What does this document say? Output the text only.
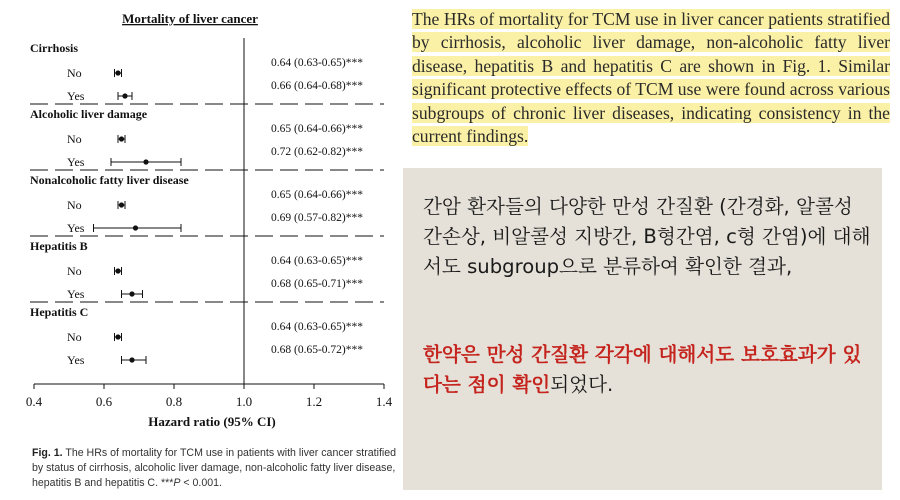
Mortality of liver cancer
Cirrhosis
No
0.64 (0.63-0.65)***
Yes
0.66 (0.64-0.68)***
Alcoholic liver damage
No
0.65 (0.64-0.66)***
Yes
0.72 (0.62-0.82)***
Nonalcoholic fatty liver disease
No
0.65 (0.64-0.66)***
Yes
0.69 (0.57-0.82)***
Hepatitis B
No
0.64 (0.63-0.65)***
Yes
0.68 (0.65-0.71)***
Hepatitis C
No
0.64 (0.63-0.65)***
Yes
0.68 (0.65-0.72)***
0.4	0.6	0.8	1.0	1.2	1.4
Hazard ratio (95% CI)
Fig. 1. The HRs of mortality for TCM use in patients with liver cancer stratified by status of cirrhosis, alcoholic liver damage, non-alcoholic fatty liver disease, hepatitis B and hepatitis C. ***P < 0.001.
The HRs of mortality for TCM use in liver cancer patients stratified by cirrhosis, alcoholic liver damage, non-alcoholic fatty liver disease, hepatitis B and hepatitis C are shown in Fig. 1. Similar significant protective effects of TCM use were found across various subgroups of chronic liver diseases, indicating consistency in the current findings.
간암 환자들의 다양한 만성 간질환 (간경화, 알콜성 간손상, 비알콜성 지방간, B형간염, c형 간염)에 대해서도 subgroup으로 분류하여 확인한 결과,
한약은 만성 간질환 각각에 대해서도 보호효과가 있다는 점이 확인되었다.
